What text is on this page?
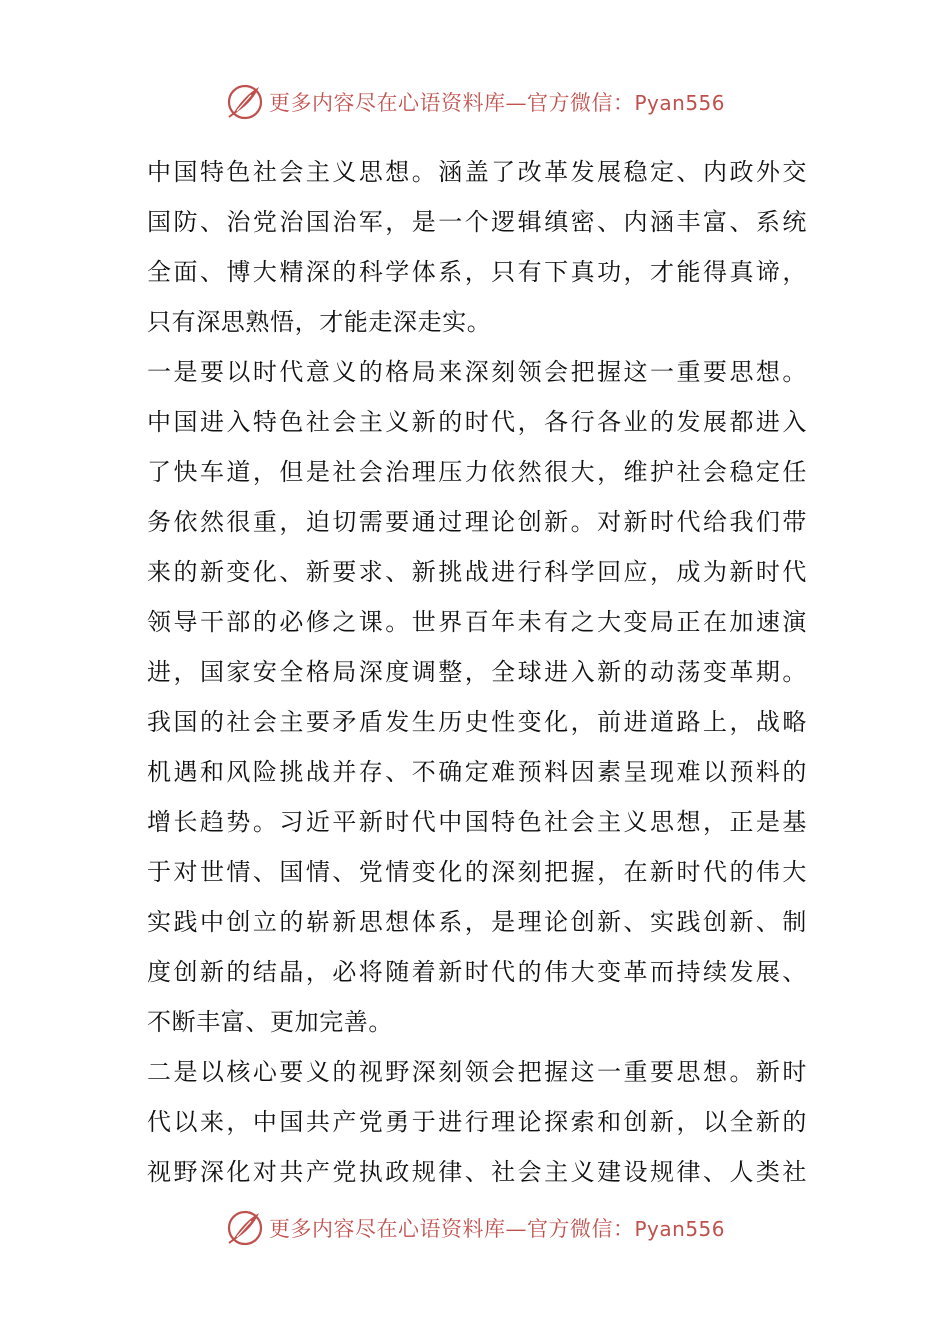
更多内容尽在心语资料库—官方微信：Pyan556
中国特色社会主义思想。涵盖了改革发展稳定、内政外交
国防、治党治国治军，是一个逻辑缜密、内涵丰富、系统
全面、博大精深的科学体系，只有下真功，才能得真谛，
只有深思熟悟，才能走深走实。
一是要以时代意义的格局来深刻领会把握这一重要思想。
中国进入特色社会主义新的时代，各行各业的发展都进入
了快车道，但是社会治理压力依然很大，维护社会稳定任
务依然很重，迫切需要通过理论创新。对新时代给我们带
来的新变化、新要求、新挑战进行科学回应，成为新时代
领导干部的必修之课。世界百年未有之大变局正在加速演
进，国家安全格局深度调整，全球进入新的动荡变革期。
我国的社会主要矛盾发生历史性变化，前进道路上，战略
机遇和风险挑战并存、不确定难预料因素呈现难以预料的
增长趋势。习近平新时代中国特色社会主义思想，正是基
于对世情、国情、党情变化的深刻把握，在新时代的伟大
实践中创立的崭新思想体系，是理论创新、实践创新、制
度创新的结晶，必将随着新时代的伟大变革而持续发展、
不断丰富、更加完善。
二是以核心要义的视野深刻领会把握这一重要思想。新时
代以来，中国共产党勇于进行理论探索和创新，以全新的
视野深化对共产党执政规律、社会主义建设规律、人类社
更多内容尽在心语资料库—官方微信：Pyan556
